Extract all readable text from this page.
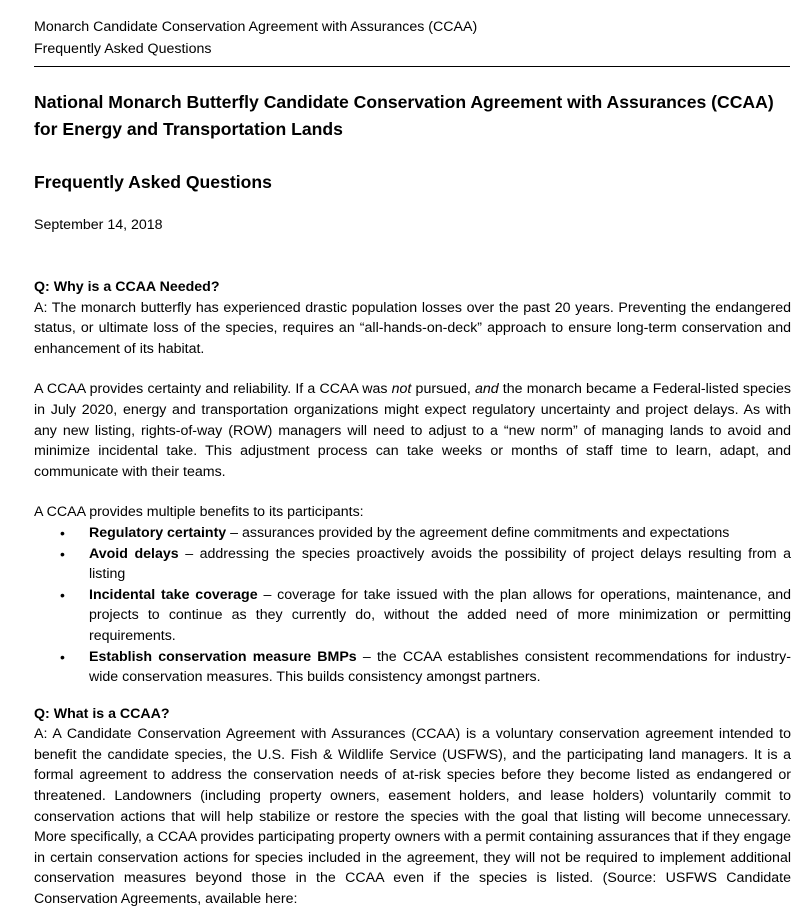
Monarch Candidate Conservation Agreement with Assurances (CCAA)
Frequently Asked Questions
National Monarch Butterfly Candidate Conservation Agreement with Assurances (CCAA) for Energy and Transportation Lands
Frequently Asked Questions
September 14, 2018
Q: Why is a CCAA Needed?

A: The monarch butterfly has experienced drastic population losses over the past 20 years. Preventing the endangered status, or ultimate loss of the species, requires an “all-hands-on-deck” approach to ensure long-term conservation and enhancement of its habitat.

A CCAA provides certainty and reliability. If a CCAA was not pursued, and the monarch became a Federal-listed species in July 2020, energy and transportation organizations might expect regulatory uncertainty and project delays. As with any new listing, rights-of-way (ROW) managers will need to adjust to a “new norm” of managing lands to avoid and minimize incidental take. This adjustment process can take weeks or months of staff time to learn, adapt, and communicate with their teams.

A CCAA provides multiple benefits to its participants:

• Regulatory certainty – assurances provided by the agreement define commitments and expectations
• Avoid delays – addressing the species proactively avoids the possibility of project delays resulting from a listing
• Incidental take coverage – coverage for take issued with the plan allows for operations, maintenance, and projects to continue as they currently do, without the added need of more minimization or permitting requirements.
• Establish conservation measure BMPs – the CCAA establishes consistent recommendations for industry-wide conservation measures. This builds consistency amongst partners.
Q: What is a CCAA?

A: A Candidate Conservation Agreement with Assurances (CCAA) is a voluntary conservation agreement intended to benefit the candidate species, the U.S. Fish & Wildlife Service (USFWS), and the participating land managers. It is a formal agreement to address the conservation needs of at-risk species before they become listed as endangered or threatened. Landowners (including property owners, easement holders, and lease holders) voluntarily commit to conservation actions that will help stabilize or restore the species with the goal that listing will become unnecessary. More specifically, a CCAA provides participating property owners with a permit containing assurances that if they engage in certain conservation actions for species included in the agreement, they will not be required to implement additional conservation measures beyond those in the CCAA even if the species is listed. (Source: USFWS Candidate Conservation Agreements, available here:
